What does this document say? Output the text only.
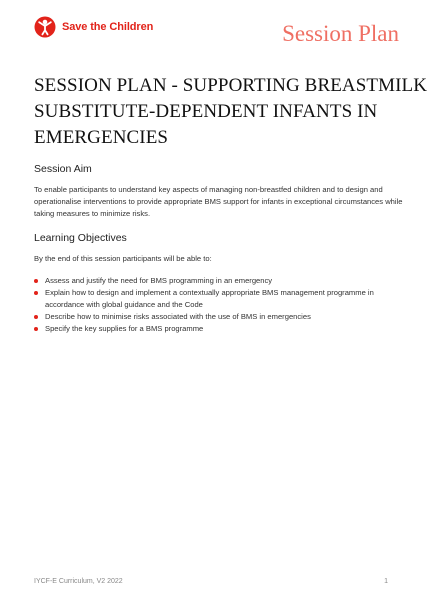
Save the Children	Session Plan
SESSION PLAN - SUPPORTING BREASTMILK SUBSTITUTE-DEPENDENT INFANTS IN EMERGENCIES
Session Aim

To enable participants to understand key aspects of managing non-breastfed children and to design and operationalise interventions to provide appropriate BMS support for infants in exceptional circumstances while taking measures to minimize risks.

Learning Objectives

By the end of this session participants will be able to:

Assess and justify the need for BMS programming in an emergency
Explain how to design and implement a contextually appropriate BMS management programme in accordance with global guidance and the Code
Describe how to minimise risks associated with the use of BMS in emergencies
Specify the key supplies for a BMS programme
IYCF-E Curriculum, V2 2022	1
